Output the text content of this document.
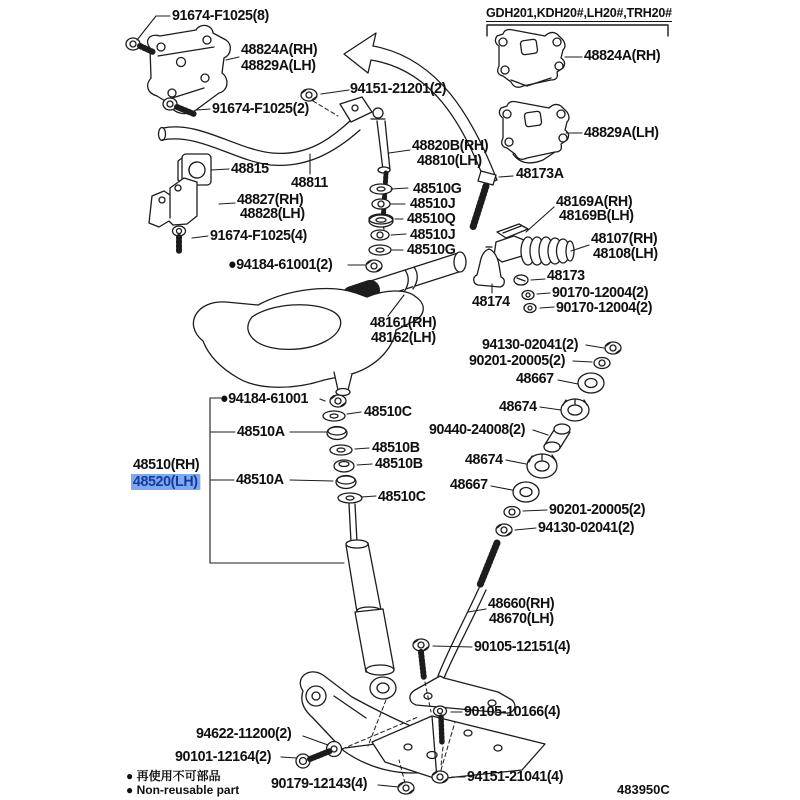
GDH201,KDH20#,LH20#,TRH20#
91674-F1025(8)
48824A(RH)
48829A(LH)
48824A(RH)
94151-21201(2)
91674-F1025(2)
48829A(LH)
48820B(RH)
48810(LH)
48815	48173A
48811	48510G
48827(RH)
48828(LH)
48510J	48169A(RH)
48169B(LH)
48510Q
91674-F1025(4)	48510J	48107(RH)
48108(LH)
48510G
●94184-61001(2)
48173
90170-12004(2)
90170-12004(2)
48174
48161(RH)
48162(LH)	94130-02041(2)
90201-20005(2)
48667
●94184-61001
48510C	48674
48510A	90440-24008(2)
48510B
48674
48510B
48510(RH)
48520(LH)	48510A	48667
48510C
90201-20005(2)
94130-02041(2)
48660(RH)
48670(LH)
90105-12151(4)
90105-10166(4)
94622-11200(2)
90101-12164(2)
90179-12143(4)	94151-21041(4)
● 再使用不可部品
● Non-reusable part	483950C
